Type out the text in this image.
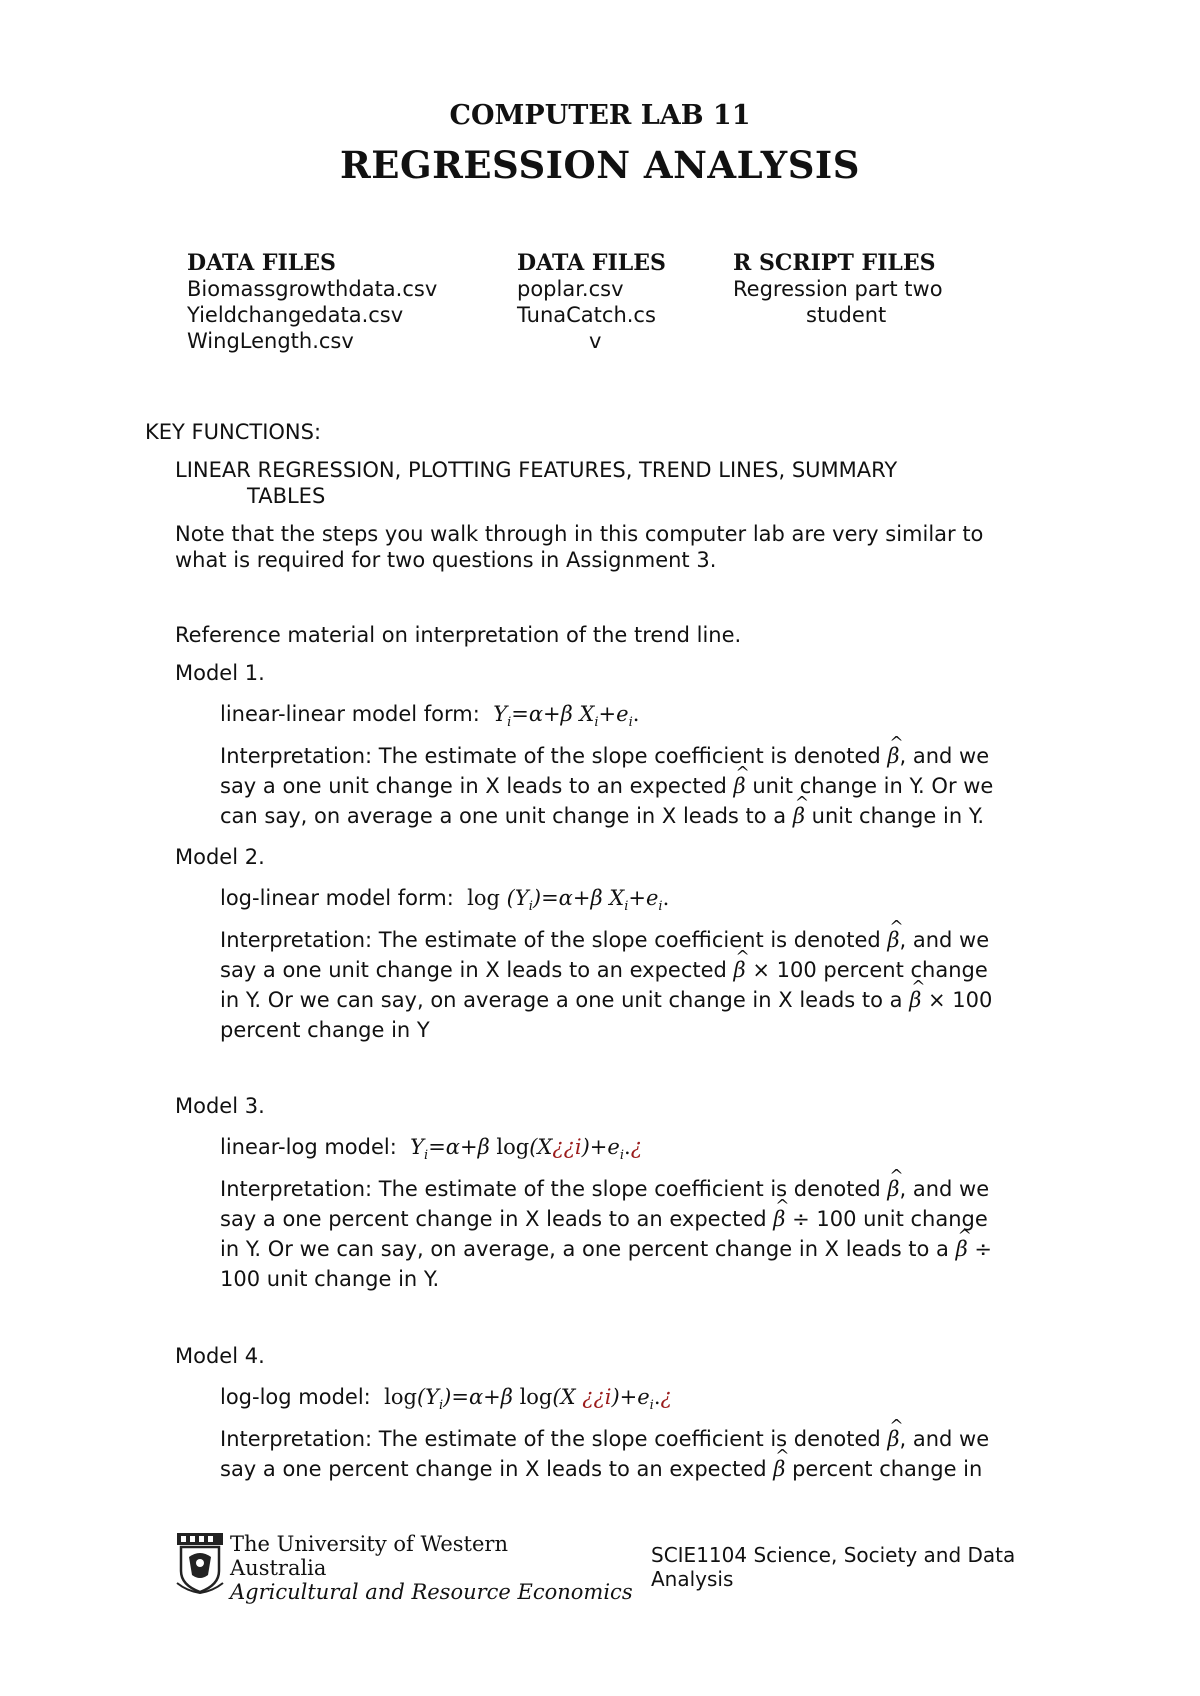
COMPUTER LAB 11
REGRESSION ANALYSIS
DATA FILES
Biomassgrowthdata.csv
Yieldchangedata.csv
WingLength.csv
DATA FILES
poplar.csv
TunaCatch.cs
v
R SCRIPT FILES
Regression part two
student
KEY FUNCTIONS:
LINEAR REGRESSION, PLOTTING FEATURES, TREND LINES, SUMMARY
TABLES
Note that the steps you walk through in this computer lab are very similar to
what is required for two questions in Assignment 3.
Reference material on interpretation of the trend line.
Model 1.
linear-linear model form:  $Y_i=\alpha+\beta$ $X_i+e_i$.
Interpretation: The estimate of the slope coefficient is denoted ^ β, and we
say a one unit change in X leads to an expected ^ β unit change in Y. Or we
can say, on average a one unit change in X leads to a ^ β unit change in Y.
Model 2.
log-linear model form: $\log (Y_i)=\alpha+\beta$ $X_i+e_i$.
Interpretation: The estimate of the slope coefficient is denoted ^ β, and we
say a one unit change in X leads to an expected ^ β × 100 percent change
in Y. Or we can say, on average a one unit change in X leads to a ^ β × 100
percent change in Y
Model 3.
linear-log model:  $Y_i=\alpha+\beta$ $\log(X¿¿i)+e_i.¿$
Interpretation: The estimate of the slope coefficient is denoted ^ β, and we
say a one percent change in X leads to an expected ^ β ÷ 100 unit change
in Y. Or we can say, on average, a one percent change in X leads to a ^ β ÷
100 unit change in Y.
Model 4.
log-log model: $\log(Y_i)=\alpha+\beta$ log(X ¿¿$i)+e_i.¿$
Interpretation: The estimate of the slope coefficient is denoted ^ β, and we
say a one percent change in X leads to an expected ^ β percent change in
The University of Western
Australia
Agricultural and Resource Economics
SCIE1104 Science, Society and Data
Analysis
